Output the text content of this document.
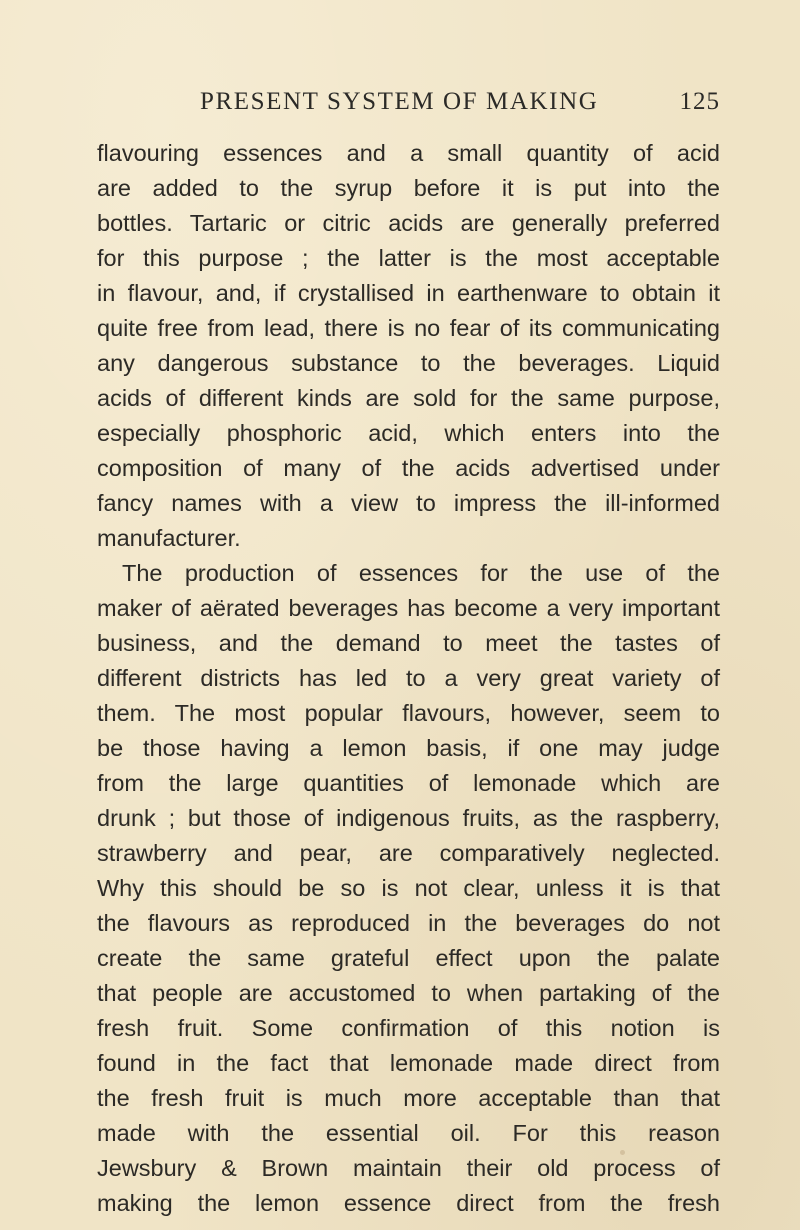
PRESENT SYSTEM OF MAKING	125
flavouring essences and a small quantity of acid
are added to the syrup before it is put into the
bottles. Tartaric or citric acids are generally preferred
for this purpose ; the latter is the most acceptable
in flavour, and, if crystallised in earthenware to obtain it
quite free from lead, there is no fear of its communicating
any dangerous substance to the beverages. Liquid
acids of different kinds are sold for the same purpose,
especially phosphoric acid, which enters into the
composition of many of the acids advertised under
fancy names with a view to impress the ill-informed
manufacturer.
The production of essences for the use of the
maker of aërated beverages has become a very important
business, and the demand to meet the tastes of
different districts has led to a very great variety of
them. The most popular flavours, however, seem to
be those having a lemon basis, if one may judge
from the large quantities of lemonade which are
drunk ; but those of indigenous fruits, as the raspberry,
strawberry and pear, are comparatively neglected.
Why this should be so is not clear, unless it is that
the flavours as reproduced in the beverages do not
create the same grateful effect upon the palate
that people are accustomed to when partaking of the
fresh fruit. Some confirmation of this notion is
found in the fact that lemonade made direct from
the fresh fruit is much more acceptable than that
made with the essential oil. For this reason
Jewsbury & Brown maintain their old process of
making the lemon essence direct from the fresh
